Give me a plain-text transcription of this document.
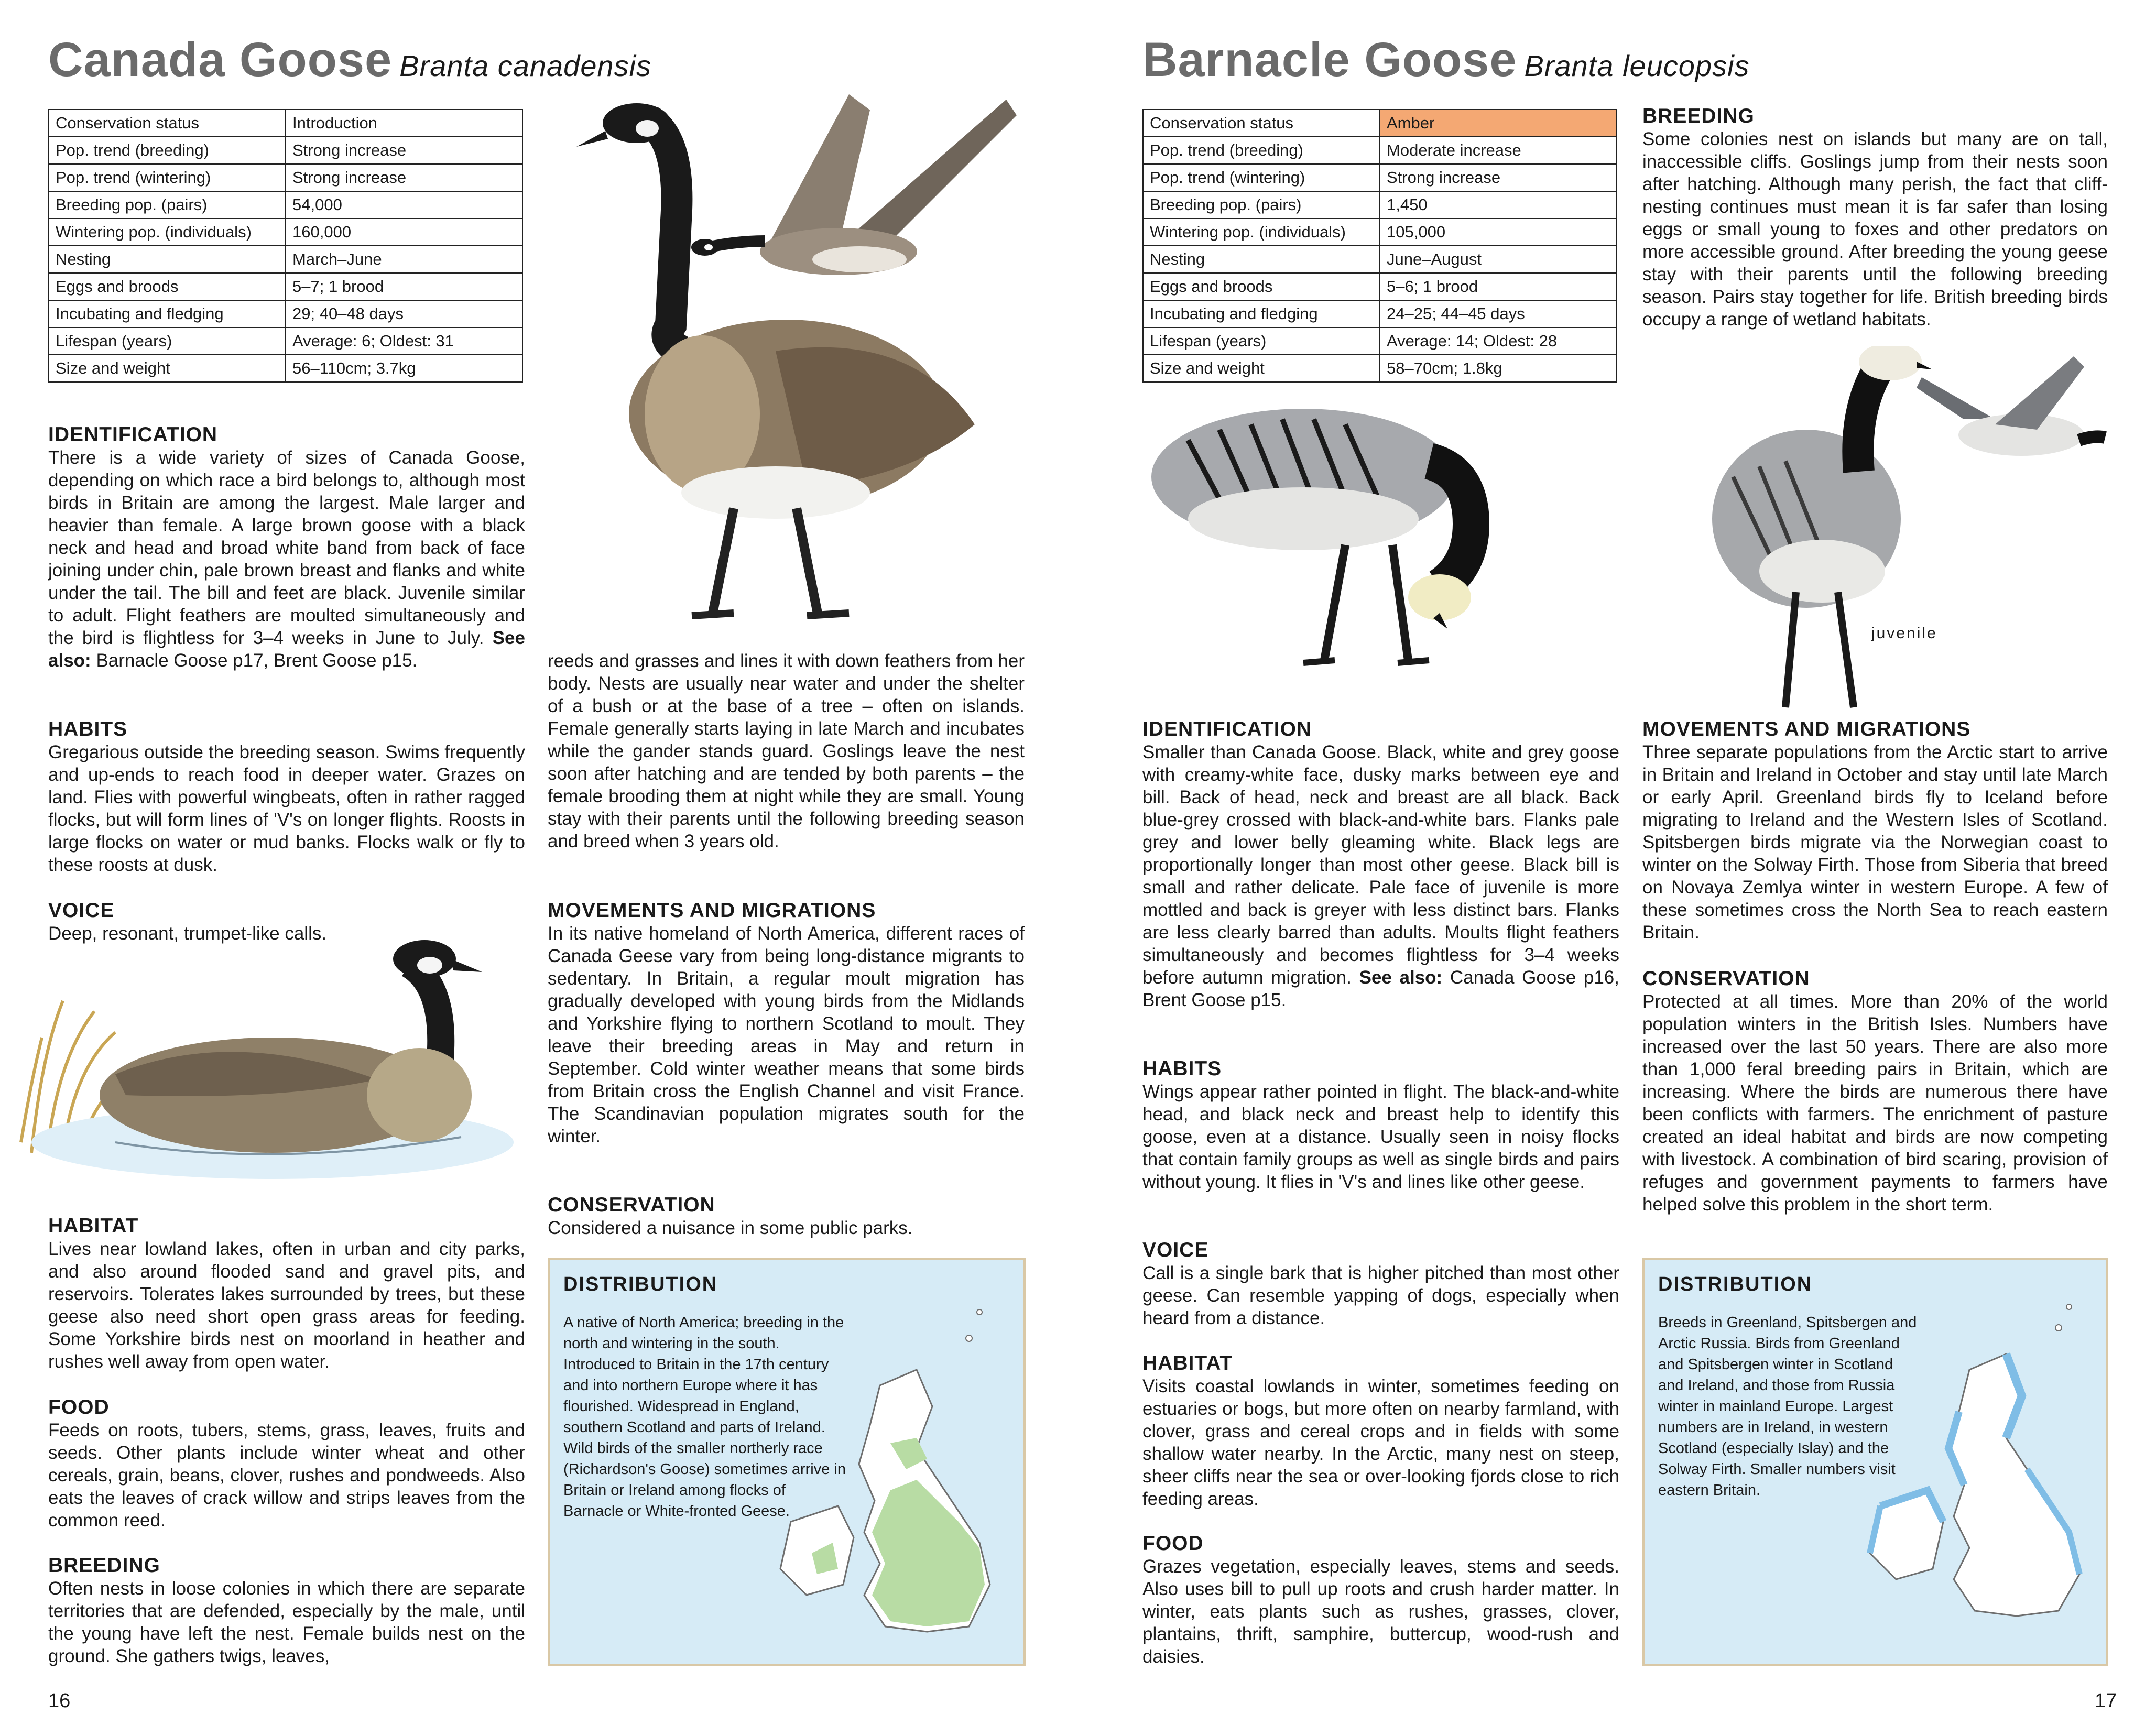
Canada Goose Branta canadensis
Conservation status	Introduction
Pop. trend (breeding)	Strong increase
Pop. trend (wintering)	Strong increase
Breeding pop. (pairs)	54,000
Wintering pop. (individuals)	160,000
Nesting	March–June
Eggs and broods	5–7; 1 brood
Incubating and fledging	29; 40–48 days
Lifespan (years)	Average: 6; Oldest: 31
Size and weight	56–110cm; 3.7kg
IDENTIFICATION

There is a wide variety of sizes of Canada Goose, depending on which race a bird belongs to, although most birds in Britain are among the largest. Male larger and heavier than female. A large brown goose with a black neck and head and broad white band from back of face joining under chin, pale brown breast and flanks and white under the tail. The bill and feet are black. Juvenile similar to adult. Flight feathers are moulted simultaneously and the bird is flightless for 3–4 weeks in June to July. See also: Barnacle Goose p17, Brent Goose p15.

HABITS

Gregarious outside the breeding season. Swims frequently and up-ends to reach food in deeper water. Grazes on land. Flies with powerful wingbeats, often in rather ragged flocks, but will form lines of 'V's on longer flights. Roosts in large flocks on water or mud banks. Flocks walk or fly to these roosts at dusk.

VOICE

Deep, resonant, trumpet-like calls.

HABITAT

Lives near lowland lakes, often in urban and city parks, and also around flooded sand and gravel pits, and reservoirs. Tolerates lakes surrounded by trees, but these geese also need short open grass areas for feeding. Some Yorkshire birds nest on moorland in heather and rushes well away from open water.

FOOD

Feeds on roots, tubers, stems, grass, leaves, fruits and seeds. Other plants include winter wheat and other cereals, grain, beans, clover, rushes and pondweeds. Also eats the leaves of crack willow and strips leaves from the common reed.

BREEDING

Often nests in loose colonies in which there are separate territories that are defended, especially by the male, until the young have left the nest. Female builds nest on the ground. She gathers twigs, leaves,

reeds and grasses and lines it with down feathers from her body. Nests are usually near water and under the shelter of a bush or at the base of a tree – often on islands. Female generally starts laying in late March and incubates while the gander stands guard. Goslings leave the nest soon after hatching and are tended by both parents – the female brooding them at night while they are small. Young stay with their parents until the following breeding season and breed when 3 years old.

MOVEMENTS AND MIGRATIONS

In its native homeland of North America, different races of Canada Geese vary from being long-distance migrants to sedentary. In Britain, a regular moult migration has gradually developed with young birds from the Midlands and Yorkshire flying to northern Scotland to moult. They leave their breeding areas in May and return in September. Cold winter weather means that some birds from Britain cross the English Channel and visit France. The Scandinavian population migrates south for the winter.

CONSERVATION

Considered a nuisance in some public parks.

DISTRIBUTION

A native of North America; breeding in the north and wintering in the south. Introduced to Britain in the 17th century and into northern Europe where it has flourished. Widespread in England, southern Scotland and parts of Ireland. Wild birds of the smaller northerly race (Richardson's Goose) sometimes arrive in Britain or Ireland among flocks of Barnacle or White-fronted Geese.

16
Barnacle Goose Branta leucopsis
Conservation status	Amber
Pop. trend (breeding)	Moderate increase
Pop. trend (wintering)	Strong increase
Breeding pop. (pairs)	1,450
Wintering pop. (individuals)	105,000
Nesting	June–August
Eggs and broods	5–6; 1 brood
Incubating and fledging	24–25; 44–45 days
Lifespan (years)	Average: 14; Oldest: 28
Size and weight	58–70cm; 1.8kg
BREEDING

Some colonies nest on islands but many are on tall, inaccessible cliffs. Goslings jump from their nests soon after hatching. Although many perish, the fact that cliff-nesting continues must mean it is far safer than losing eggs or small young to foxes and other predators on more accessible ground. After breeding the young geese stay with their parents until the following breeding season. Pairs stay together for life. British breeding birds occupy a range of wetland habitats.

juvenile
IDENTIFICATION

Smaller than Canada Goose. Black, white and grey goose with creamy-white face, dusky marks between eye and bill. Back of head, neck and breast are all black. Back blue-grey crossed with black-and-white bars. Flanks pale grey and lower belly gleaming white. Black legs are proportionally longer than most other geese. Black bill is small and rather delicate. Pale face of juvenile is more mottled and back is greyer with less distinct bars. Flanks are less clearly barred than adults. Moults flight feathers simultaneously and becomes flightless for 3–4 weeks before autumn migration. See also: Canada Goose p16, Brent Goose p15.

HABITS

Wings appear rather pointed in flight. The black-and-white head, and black neck and breast help to identify this goose, even at a distance. Usually seen in noisy flocks that contain family groups as well as single birds and pairs without young. It flies in 'V's and lines like other geese.

VOICE

Call is a single bark that is higher pitched than most other geese. Can resemble yapping of dogs, especially when heard from a distance.

HABITAT

Visits coastal lowlands in winter, sometimes feeding on estuaries or bogs, but more often on nearby farmland, with clover, grass and cereal crops and in fields with some shallow water nearby. In the Arctic, many nest on steep, sheer cliffs near the sea or over-looking fjords close to rich feeding areas.

FOOD

Grazes vegetation, especially leaves, stems and seeds. Also uses bill to pull up roots and crush harder matter. In winter, eats plants such as rushes, grasses, clover, plantains, thrift, samphire, buttercup, wood-rush and daisies.

MOVEMENTS AND MIGRATIONS

Three separate populations from the Arctic start to arrive in Britain and Ireland in October and stay until late March or early April. Greenland birds fly to Iceland before migrating to Ireland and the Western Isles of Scotland. Spitsbergen birds migrate via the Norwegian coast to winter on the Solway Firth. Those from Siberia that breed on Novaya Zemlya winter in western Europe. A few of these sometimes cross the North Sea to reach eastern Britain.

CONSERVATION

Protected at all times. More than 20% of the world population winters in the British Isles. Numbers have increased over the last 50 years. There are also more than 1,000 feral breeding pairs in Britain, which are increasing. Where the birds are numerous there have been conflicts with farmers. The enrichment of pasture created an ideal habitat and birds are now competing with livestock. A combination of bird scaring, provision of refuges and government payments to farmers have helped solve this problem in the short term.

DISTRIBUTION

Breeds in Greenland, Spitsbergen and Arctic Russia. Birds from Greenland and Spitsbergen winter in Scotland and Ireland, and those from Russia winter in mainland Europe. Largest numbers are in Ireland, in western Scotland (especially Islay) and the Solway Firth. Smaller numbers visit eastern Britain.

17
